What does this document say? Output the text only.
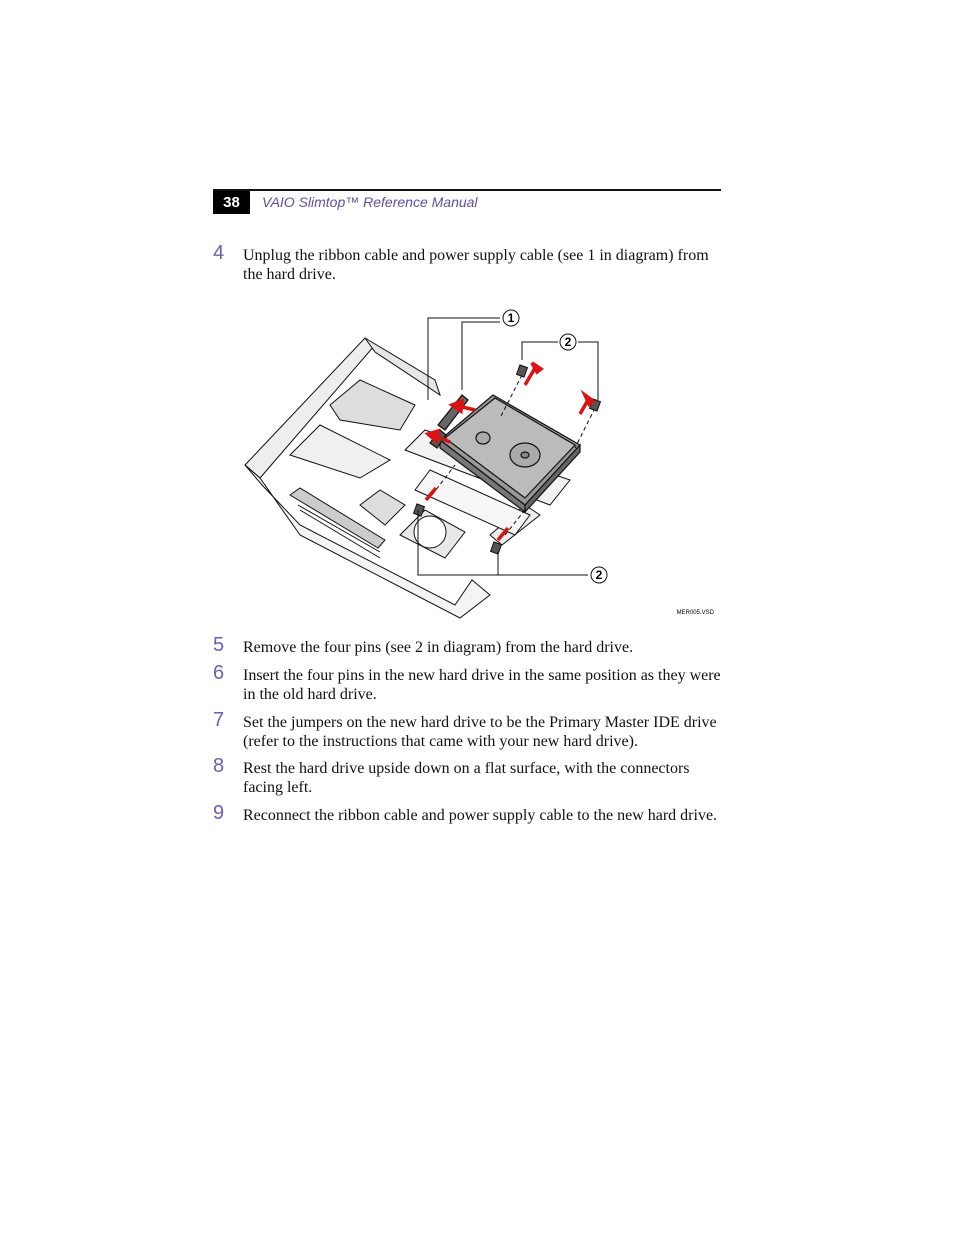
38	VAIO Slimtop™ Reference Manual
4 Unplug the ribbon cable and power supply cable (see 1 in diagram) from the hard drive.
1
2
2
MER005.VSD
5 Remove the four pins (see 2 in diagram) from the hard drive.
6 Insert the four pins in the new hard drive in the same position as they were in the old hard drive.
7 Set the jumpers on the new hard drive to be the Primary Master IDE drive (refer to the instructions that came with your new hard drive).
8 Rest the hard drive upside down on a flat surface, with the connectors facing left.
9 Reconnect the ribbon cable and power supply cable to the new hard drive.
